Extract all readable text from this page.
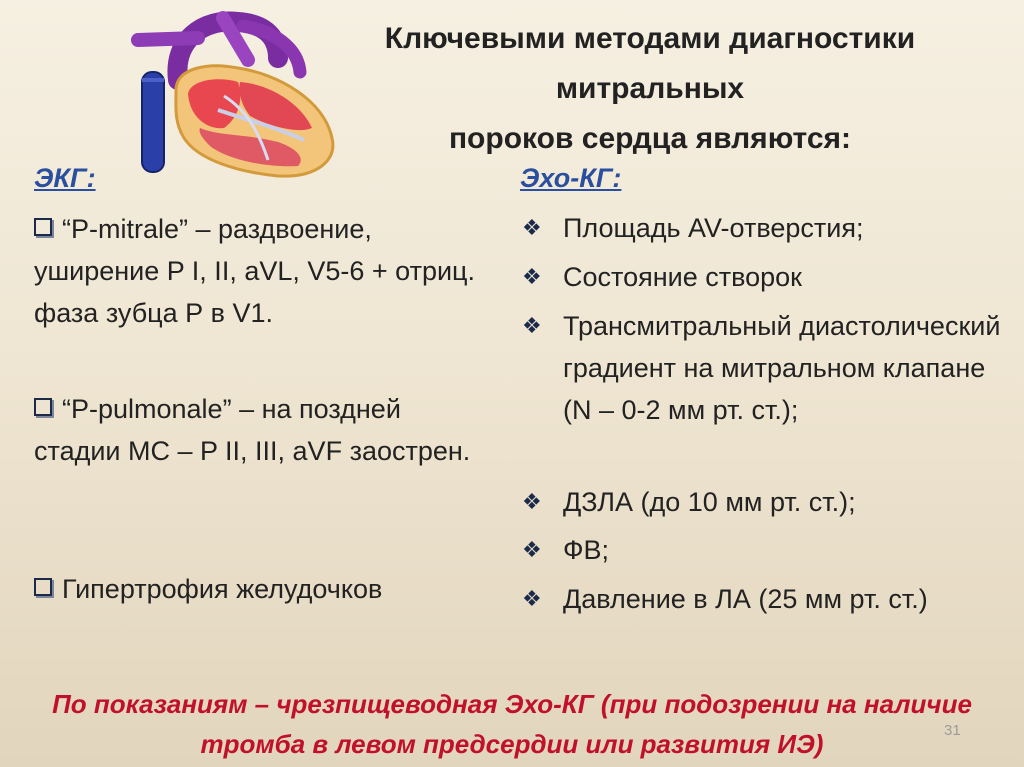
Ключевыми методами диагностики
митральных
пороков сердца являются:
ЭКГ:
“P-mitrale” – раздвоение, уширение P I, II, aVL, V5-6 + отриц. фаза зубца Р в V1.
“P-pulmonale” – на поздней стадии МС – P II, III, aVF заострен.
Гипертрофия желудочков
Эхо-КГ:
❖ Площадь AV-отверстия;
❖ Состояние створок
❖ Трансмитральный диастолический градиент на митральном клапане (N – 0-2 мм рт. ст.);
❖ ДЗЛА (до 10 мм рт. ст.);
❖ ФВ;
❖ Давление в ЛА (25 мм рт. ст.)
По показаниям – чрезпищеводная Эхо-КГ (при подозрении на наличие тромба в левом предсердии или развития ИЭ)	31
